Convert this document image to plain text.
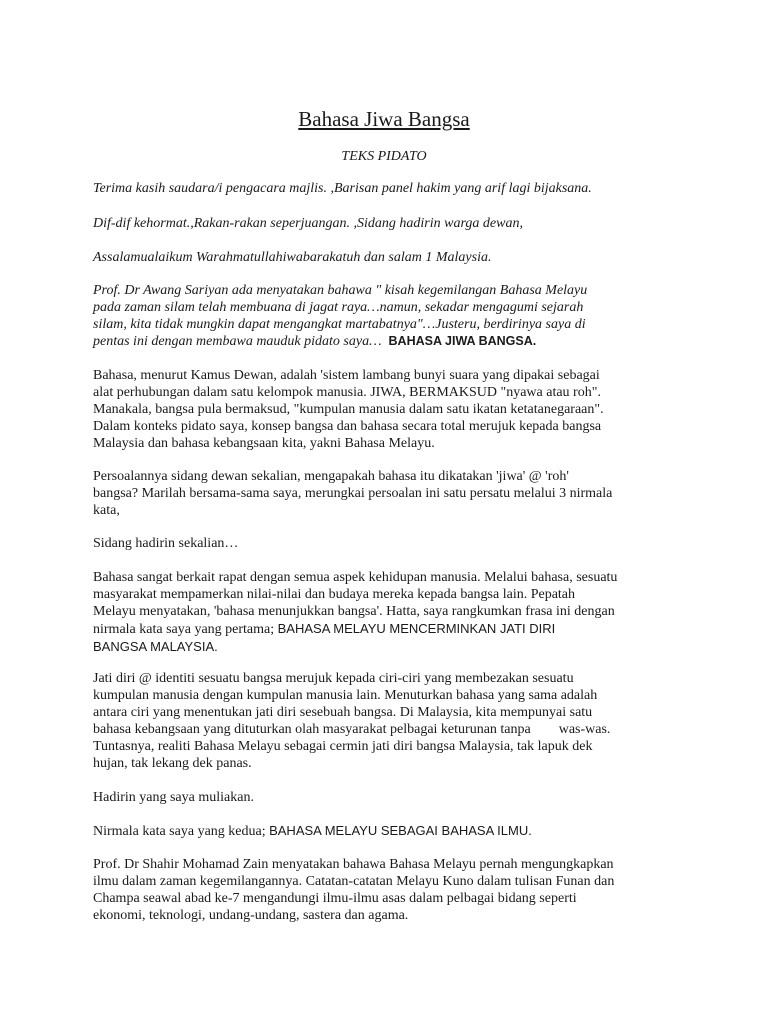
Bahasa Jiwa Bangsa
TEKS PIDATO

Terima kasih saudara/i pengacara majlis. ,Barisan panel hakim yang arif lagi bijaksana.

Dif-dif kehormat.,Rakan-rakan seperjuangan. ,Sidang hadirin warga dewan,

Assalamualaikum Warahmatullahiwabarakatuh dan salam 1 Malaysia.

Prof. Dr Awang Sariyan ada menyatakan bahawa " kisah kegemilangan Bahasa Melayu
pada zaman silam telah membuana di jagat raya…namun, sekadar mengagumi sejarah
silam, kita tidak mungkin dapat mengangkat martabatnya"…Justeru, berdirinya saya di
pentas ini dengan membawa mauduk pidato saya… BAHASA JIWA BANGSA.

Bahasa, menurut Kamus Dewan, adalah 'sistem lambang bunyi suara yang dipakai sebagai
alat perhubungan dalam satu kelompok manusia. JIWA, BERMAKSUD "nyawa atau roh".
Manakala, bangsa pula bermaksud, "kumpulan manusia dalam satu ikatan ketatanegaraan".
Dalam konteks pidato saya, konsep bangsa dan bahasa secara total merujuk kepada bangsa
Malaysia dan bahasa kebangsaan kita, yakni Bahasa Melayu.

Persoalannya sidang dewan sekalian, mengapakah bahasa itu dikatakan 'jiwa' @ 'roh'
bangsa? Marilah bersama-sama saya, merungkai persoalan ini satu persatu melalui 3 nirmala
kata,

Sidang hadirin sekalian…

Bahasa sangat berkait rapat dengan semua aspek kehidupan manusia. Melalui bahasa, sesuatu
masyarakat mempamerkan nilai-nilai dan budaya mereka kepada bangsa lain. Pepatah
Melayu menyatakan, 'bahasa menunjukkan bangsa'. Hatta, saya rangkumkan frasa ini dengan
nirmala kata saya yang pertama; BAHASA MELAYU MENCERMINKAN JATI DIRI
BANGSA MALAYSIA.

Jati diri @ identiti sesuatu bangsa merujuk kepada ciri-ciri yang membezakan sesuatu
kumpulan manusia dengan kumpulan manusia lain. Menuturkan bahasa yang sama adalah
antara ciri yang menentukan jati diri sesebuah bangsa. Di Malaysia, kita mempunyai satu
bahasa kebangsaan yang dituturkan olah masyarakat pelbagai keturunan tanpa        was-was.
Tuntasnya, realiti Bahasa Melayu sebagai cermin jati diri bangsa Malaysia, tak lapuk dek
hujan, tak lekang dek panas.

Hadirin yang saya muliakan.

Nirmala kata saya yang kedua; BAHASA MELAYU SEBAGAI BAHASA ILMU.

Prof. Dr Shahir Mohamad Zain menyatakan bahawa Bahasa Melayu pernah mengungkapkan
ilmu dalam zaman kegemilangannya. Catatan-catatan Melayu Kuno dalam tulisan Funan dan
Champa seawal abad ke-7 mengandungi ilmu-ilmu asas dalam pelbagai bidang seperti
ekonomi, teknologi, undang-undang, sastera dan agama.
